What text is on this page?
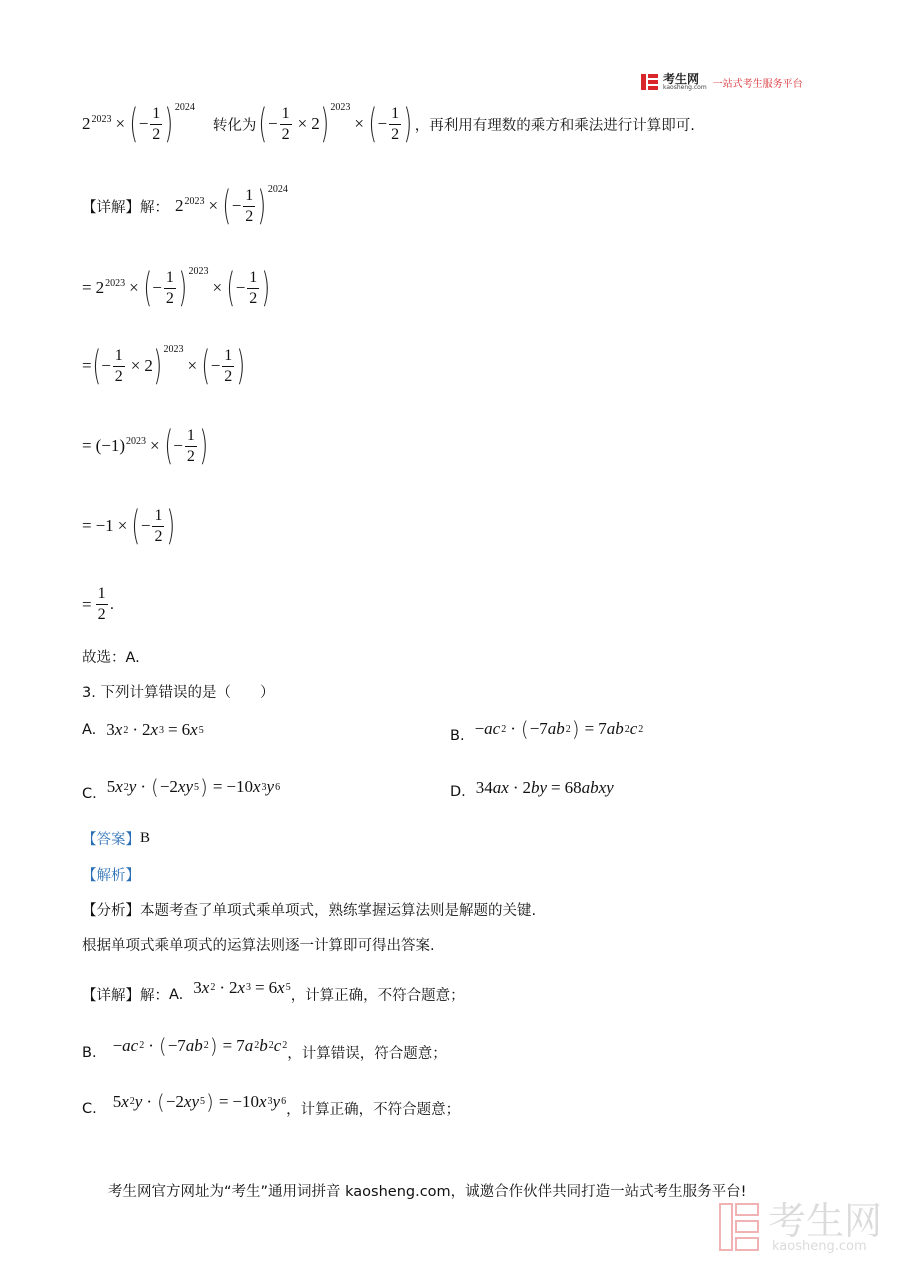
考生网
kaosheng.com 一站式考生服务平台
$2^{2023}$ × ( − $\frac{1}{2} )^{2024}$
转化为 ( − $\frac{1}{2} \times 2$ )$^{2023}$
× ( − $\frac{1}{2}$ ) ，再利用有理数的乘方和乘法进行计算即可.
【详解】解： $2^{2023}$ × ( − $\frac{1}{2} )^{2024}$
= $2^{2023}$ × ( − $\frac{1}{2} )^{2023}$
× ( − $\frac{1}{2}$ )
= ( − $\frac{1}{2} \times 2$ )$^{2023}$
× ( − $\frac{1}{2}$ )
= $(-1)^{2023}$ × ( − $\frac{1}{2}$ )
= −1 × ( − $\frac{1}{2}$ )
= $\frac{1}{2}$ .
故选：A.
3. 下列计算错误的是（　　）
A. 3 x 2 · 2 x 3 = 6 x 5	B. − ac 2 · ( −7 ab 2 ) = 7 ab 2 c 2
C. 5 x 2 y · ( −2 xy 5 ) = −10 x 3 y 6	D. 34 ax · 2 by = 68 abxy
【答案】 B
【解析】
【分析】本题考查了单项式乘单项式，熟练掌握运算法则是解题的关键.
根据单项式乘单项式的运算法则逐一计算即可得出答案.
【详解】解： A. 3 x 2 · 2 x 3 = 6 x 5
，计算正确，不符合题意；
B. − ac 2 · ( −7 ab 2 ) = 7 a 2 b 2 c 2
，计算错误，符合题意；
C. 5 x 2 y · ( −2 xy 5 ) = −10 x 3 y 6
，计算正确，不符合题意；
考生网官方网址为“考生”通用词拼音 kaosheng.com，诚邀合作伙伴共同打造一站式考生服务平台!
考生网
kaosheng.com
